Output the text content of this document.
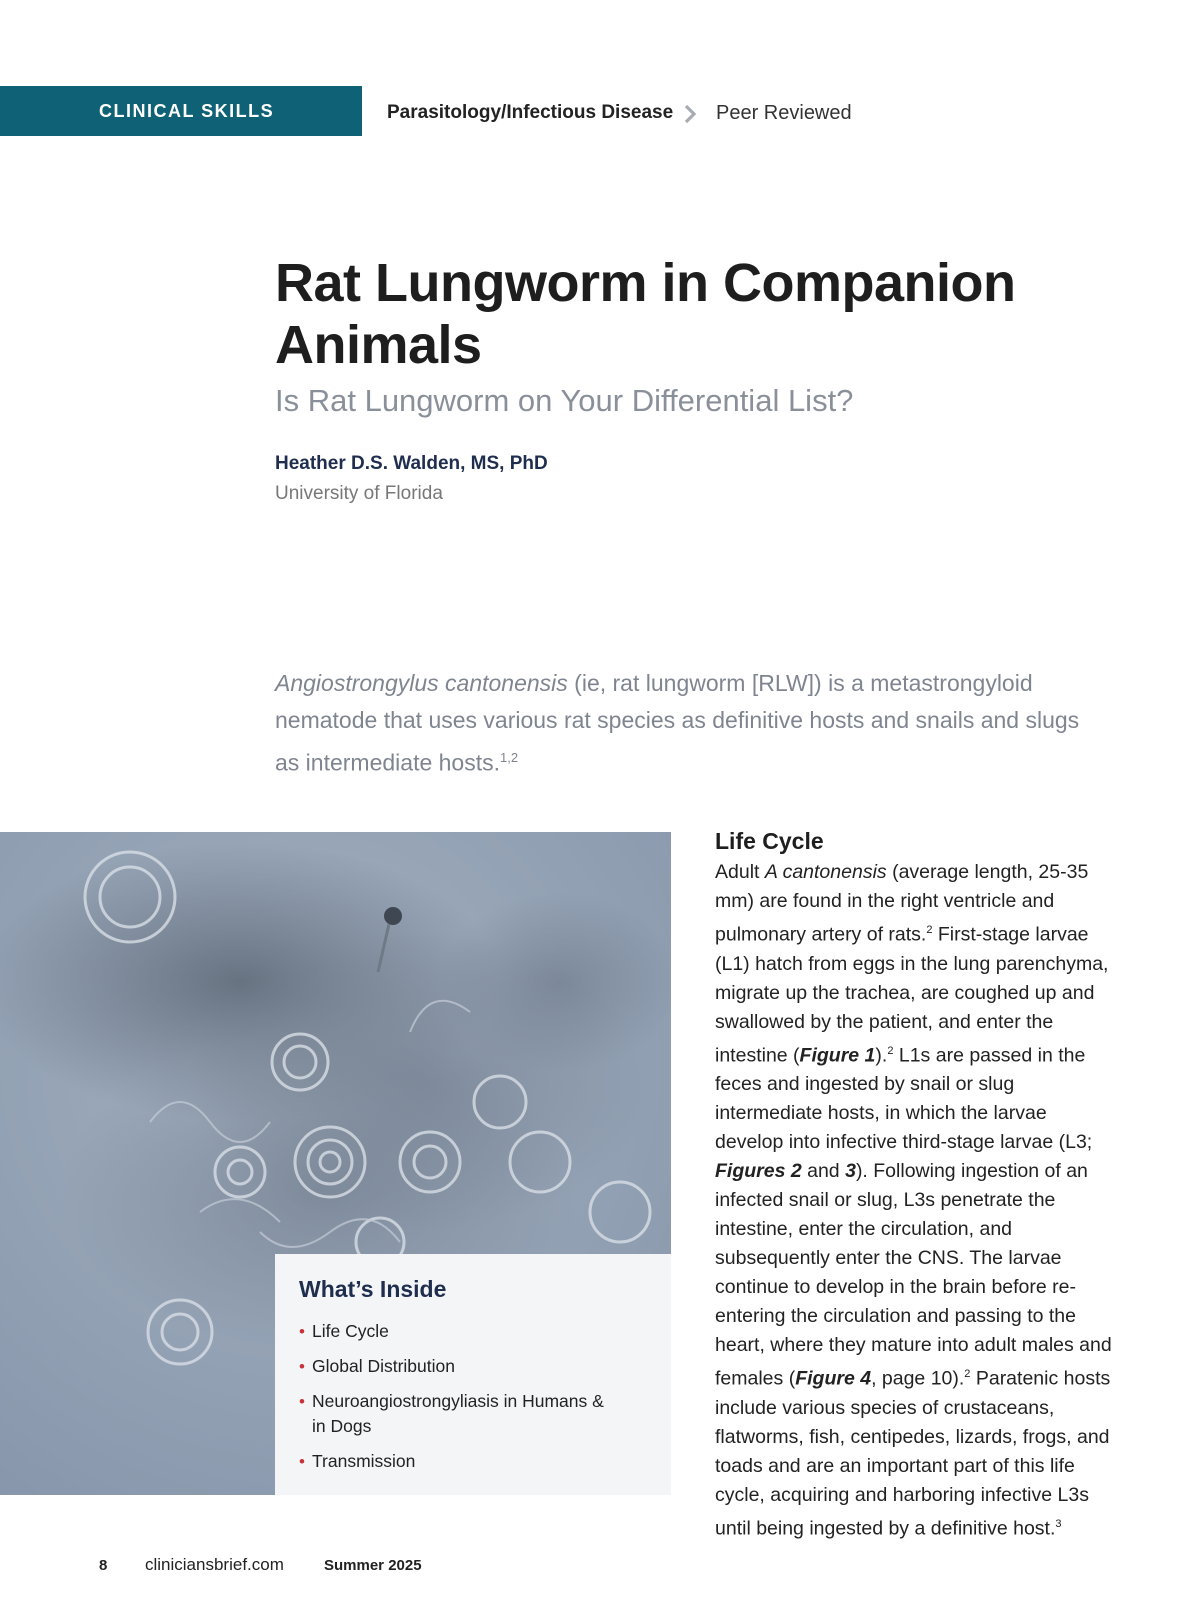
CLINICAL SKILLS	Parasitology/Infectious Disease Peer Reviewed
Rat Lungworm in Companion Animals
Is Rat Lungworm on Your Differential List?
Heather D.S. Walden, MS, PhD
University of Florida

Angiostrongylus cantonensis (ie, rat lungworm [RLW]) is a metastrongyloid nematode that uses various rat species as definitive hosts and snails and slugs as intermediate hosts.$^{1,2}$

What’s Inside
• Life Cycle
• Global Distribution
• Neuroangiostrongyliasis in Humans & in Dogs
• Transmission
Life Cycle

Adult A cantonensis (average length, 25-35 mm) are found in the right ventricle and pulmonary artery of rats.$^2$ First-stage larvae (L1) hatch from eggs in the lung parenchyma, migrate up the trachea, are coughed up and swallowed by the patient, and enter the intestine (Figure 1).$^2$ L1s are passed in the feces and ingested by snail or slug intermediate hosts, in which the larvae develop into infective third-stage larvae (L3; Figures 2 and 3). Following ingestion of an infected snail or slug, L3s penetrate the intestine, enter the circulation, and subsequently enter the CNS. The larvae continue to develop in the brain before re-entering the circulation and passing to the heart, where they mature into adult males and females (Figure 4, page 10).$^2$ Paratenic hosts include various species of crustaceans, flatworms, fish, centipedes, lizards, frogs, and toads and are an important part of this life cycle, acquiring and harboring infective L3s until being ingested by a definitive host.$^3$

8 cliniciansbrief.com	Summer 2025
